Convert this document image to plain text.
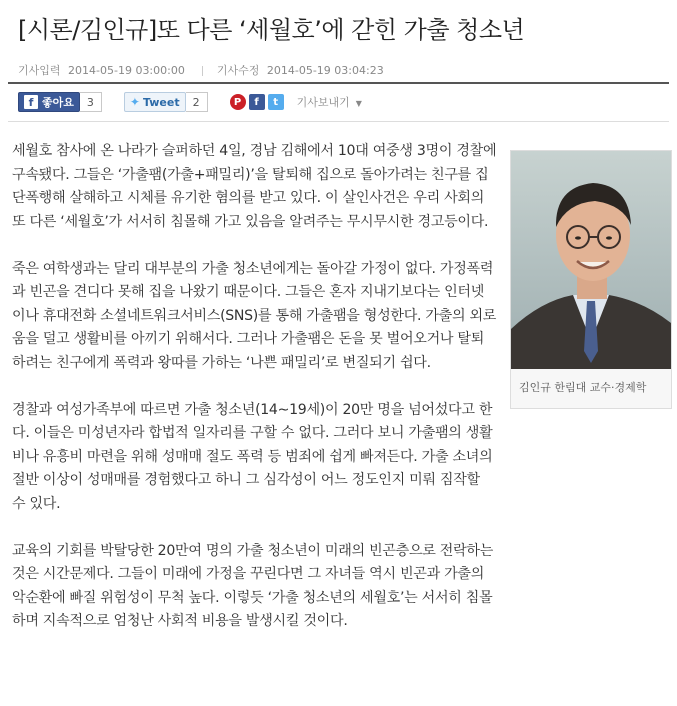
[시론/김인규]또 다른 ‘세월호’에 갇힌 가출 청소년
기사입력 2014-05-19 03:00:00	기사수정 2014-05-19 03:04:23
f 좋아요	3	✦ Tweet	2	P	f	t	기사보내기 ▼

세월호 참사에 온 나라가 슬퍼하던 4일, 경남 김해에서 10대 여중생 3명이 경찰에 구속됐다. 그들은 ‘가출팸(가출+패밀리)’을 탈퇴해 집으로 돌아가려는 친구를 집단폭행해 살해하고 시체를 유기한 혐의를 받고 있다. 이 살인사건은 우리 사회의 또 다른 ‘세월호’가 서서히 침몰해 가고 있음을 알려주는 무시무시한 경고등이다.

죽은 여학생과는 달리 대부분의 가출 청소년에게는 돌아갈 가정이 없다. 가정폭력과 빈곤을 견디다 못해 집을 나왔기 때문이다. 그들은 혼자 지내기보다는 인터넷이나 휴대전화 소셜네트워크서비스(SNS)를 통해 가출팸을 형성한다. 가출의 외로움을 덜고 생활비를 아끼기 위해서다. 그러나 가출팸은 돈을 못 벌어오거나 탈퇴하려는 친구에게 폭력과 왕따를 가하는 ‘나쁜 패밀리’로 변질되기 쉽다.

경찰과 여성가족부에 따르면 가출 청소년(14∼19세)이 20만 명을 넘어섰다고 한다. 이들은 미성년자라 합법적 일자리를 구할 수 없다. 그러다 보니 가출팸의 생활비나 유흥비 마련을 위해 성매매 절도 폭력 등 범죄에 쉽게 빠져든다. 가출 소녀의 절반 이상이 성매매를 경험했다고 하니 그 심각성이 어느 정도인지 미뤄 짐작할 수 있다.

교육의 기회를 박탈당한 20만여 명의 가출 청소년이 미래의 빈곤층으로 전락하는 것은 시간문제다. 그들이 미래에 가정을 꾸린다면 그 자녀들 역시 빈곤과 가출의 악순환에 빠질 위험성이 무척 높다. 이렇듯 ‘가출 청소년의 세월호’는 서서히 침몰하며 지속적으로 엄청난 사회적 비용을 발생시킬 것이다.

김인규 한림대 교수·경제학
